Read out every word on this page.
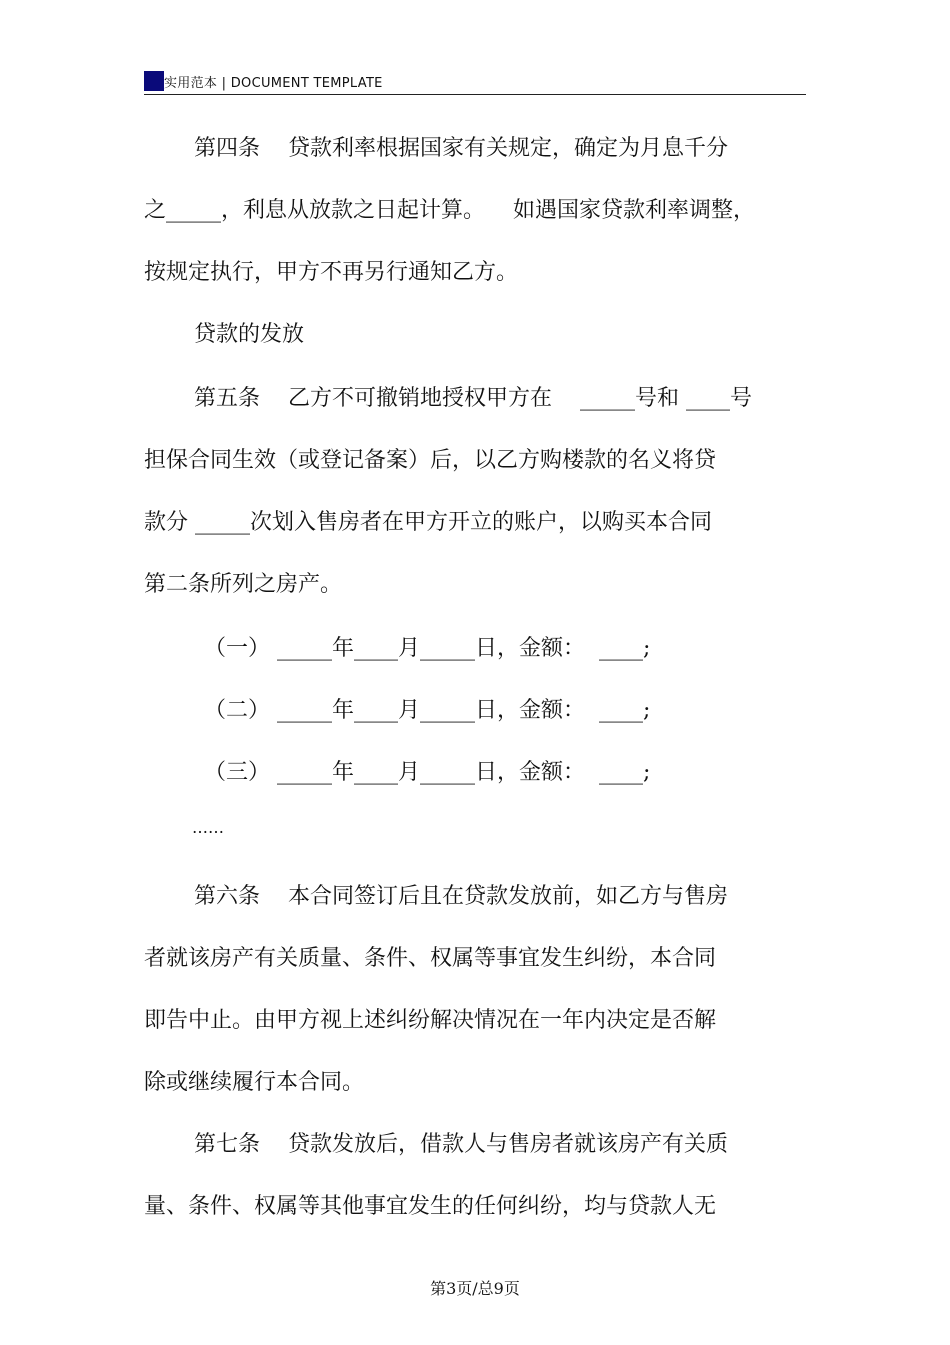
实用范本 | DOCUMENT TEMPLATE
第四条    贷款利率根据国家有关规定，确定为月息千分
之_____，利息从放款之日起计算。    如遇国家贷款利率调整，
按规定执行，甲方不再另行通知乙方。
贷款的发放
第五条    乙方不可撤销地授权甲方在    _____号和 ____号
担保合同生效（或登记备案）后，以乙方购楼款的名义将贷
款分 _____次划入售房者在甲方开立的账户，以购买本合同
第二条所列之房产。
（一） _____年____月_____日，金额：  ____;
（二） _____年____月_____日，金额：  ____;
（三） _____年____月_____日，金额：  ____;
……
第六条    本合同签订后且在贷款发放前，如乙方与售房
者就该房产有关质量、条件、权属等事宜发生纠纷，本合同
即告中止。由甲方视上述纠纷解决情况在一年内决定是否解
除或继续履行本合同。
第七条    贷款发放后，借款人与售房者就该房产有关质
量、条件、权属等其他事宜发生的任何纠纷，均与贷款人无
第3页/总9页
